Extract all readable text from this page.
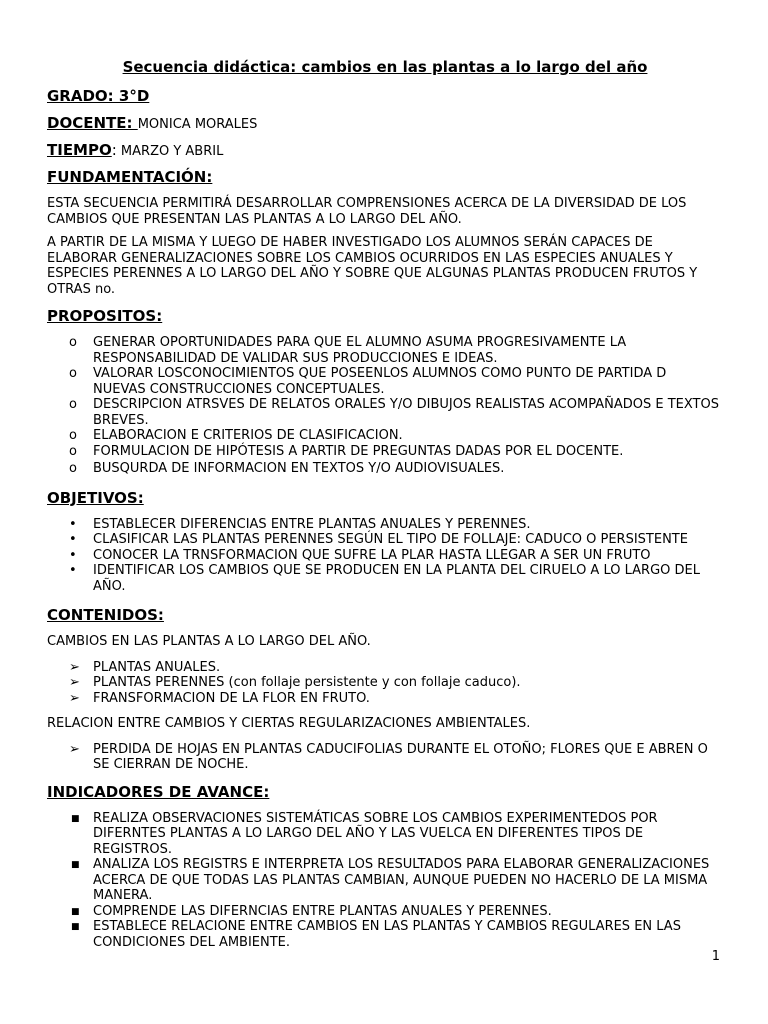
Secuencia didáctica: cambios en las plantas a lo largo del año
GRADO: 3°D
DOCENTE: MONICA MORALES
TIEMPO: MARZO Y ABRIL
FUNDAMENTACIÓN:

ESTA SECUENCIA PERMITIRÁ DESARROLLAR COMPRENSIONES ACERCA DE LA DIVERSIDAD DE LOS CAMBIOS QUE PRESENTAN LAS PLANTAS A LO LARGO DEL AÑO.

A PARTIR DE LA MISMA Y LUEGO DE HABER INVESTIGADO LOS ALUMNOS SERÁN CAPACES DE ELABORAR GENERALIZACIONES SOBRE LOS CAMBIOS OCURRIDOS EN LAS ESPECIES ANUALES Y ESPECIES PERENNES A LO LARGO DEL AÑO Y SOBRE QUE ALGUNAS PLANTAS PRODUCEN FRUTOS Y OTRAS no.

PROPOSITOS:
o	GENERAR OPORTUNIDADES PARA QUE EL ALUMNO ASUMA PROGRESIVAMENTE LA RESPONSABILIDAD DE VALIDAR SUS PRODUCCIONES E IDEAS.
o	VALORAR LOSCONOCIMIENTOS QUE POSEENLOS ALUMNOS COMO PUNTO DE PARTIDA D NUEVAS CONSTRUCCIONES CONCEPTUALES.
o	DESCRIPCION ATRSVES DE RELATOS ORALES Y/O DIBUJOS REALISTAS ACOMPAÑADOS E TEXTOS BREVES.
o	ELABORACION E CRITERIOS DE CLASIFICACION.
o	FORMULACION DE HIPÓTESIS A PARTIR DE PREGUNTAS DADAS POR EL DOCENTE.
o	BUSQURDA DE INFORMACION EN TEXTOS Y/O AUDIOVISUALES.
OBJETIVOS:
•	ESTABLECER DIFERENCIAS ENTRE PLANTAS ANUALES Y PERENNES.
•	CLASIFICAR LAS PLANTAS PERENNES SEGÚN EL TIPO DE FOLLAJE: CADUCO O PERSISTENTE
•	CONOCER LA TRNSFORMACION QUE SUFRE LA PLAR HASTA LLEGAR A SER UN FRUTO
•	IDENTIFICAR LOS CAMBIOS QUE SE PRODUCEN EN LA PLANTA DEL CIRUELO A LO LARGO DEL AÑO.
CONTENIDOS:

CAMBIOS EN LAS PLANTAS A LO LARGO DEL AÑO.

➢	PLANTAS ANUALES.
➢	PLANTAS PERENNES (con follaje persistente y con follaje caduco).
➢	FRANSFORMACION DE LA FLOR EN FRUTO.

RELACION ENTRE CAMBIOS Y CIERTAS REGULARIZACIONES AMBIENTALES.

➢	PERDIDA DE HOJAS EN PLANTAS CADUCIFOLIAS DURANTE EL OTOÑO; FLORES QUE E ABREN O SE CIERRAN DE NOCHE.
INDICADORES DE AVANCE:
■	REALIZA OBSERVACIONES SISTEMÁTICAS SOBRE LOS CAMBIOS EXPERIMENTEDOS POR DIFERNTES PLANTAS A LO LARGO DEL AÑO Y LAS VUELCA EN DIFERENTES TIPOS DE REGISTROS.
■	ANALIZA LOS REGISTRS E INTERPRETA LOS RESULTADOS PARA ELABORAR GENERALIZACIONES ACERCA DE QUE TODAS LAS PLANTAS CAMBIAN, AUNQUE PUEDEN NO HACERLO DE LA MISMA MANERA.
■	COMPRENDE LAS DIFERNCIAS ENTRE PLANTAS ANUALES Y PERENNES.
■	ESTABLECE RELACIONE ENTRE CAMBIOS EN LAS PLANTAS Y CAMBIOS REGULARES EN LAS CONDICIONES DEL AMBIENTE.
1
